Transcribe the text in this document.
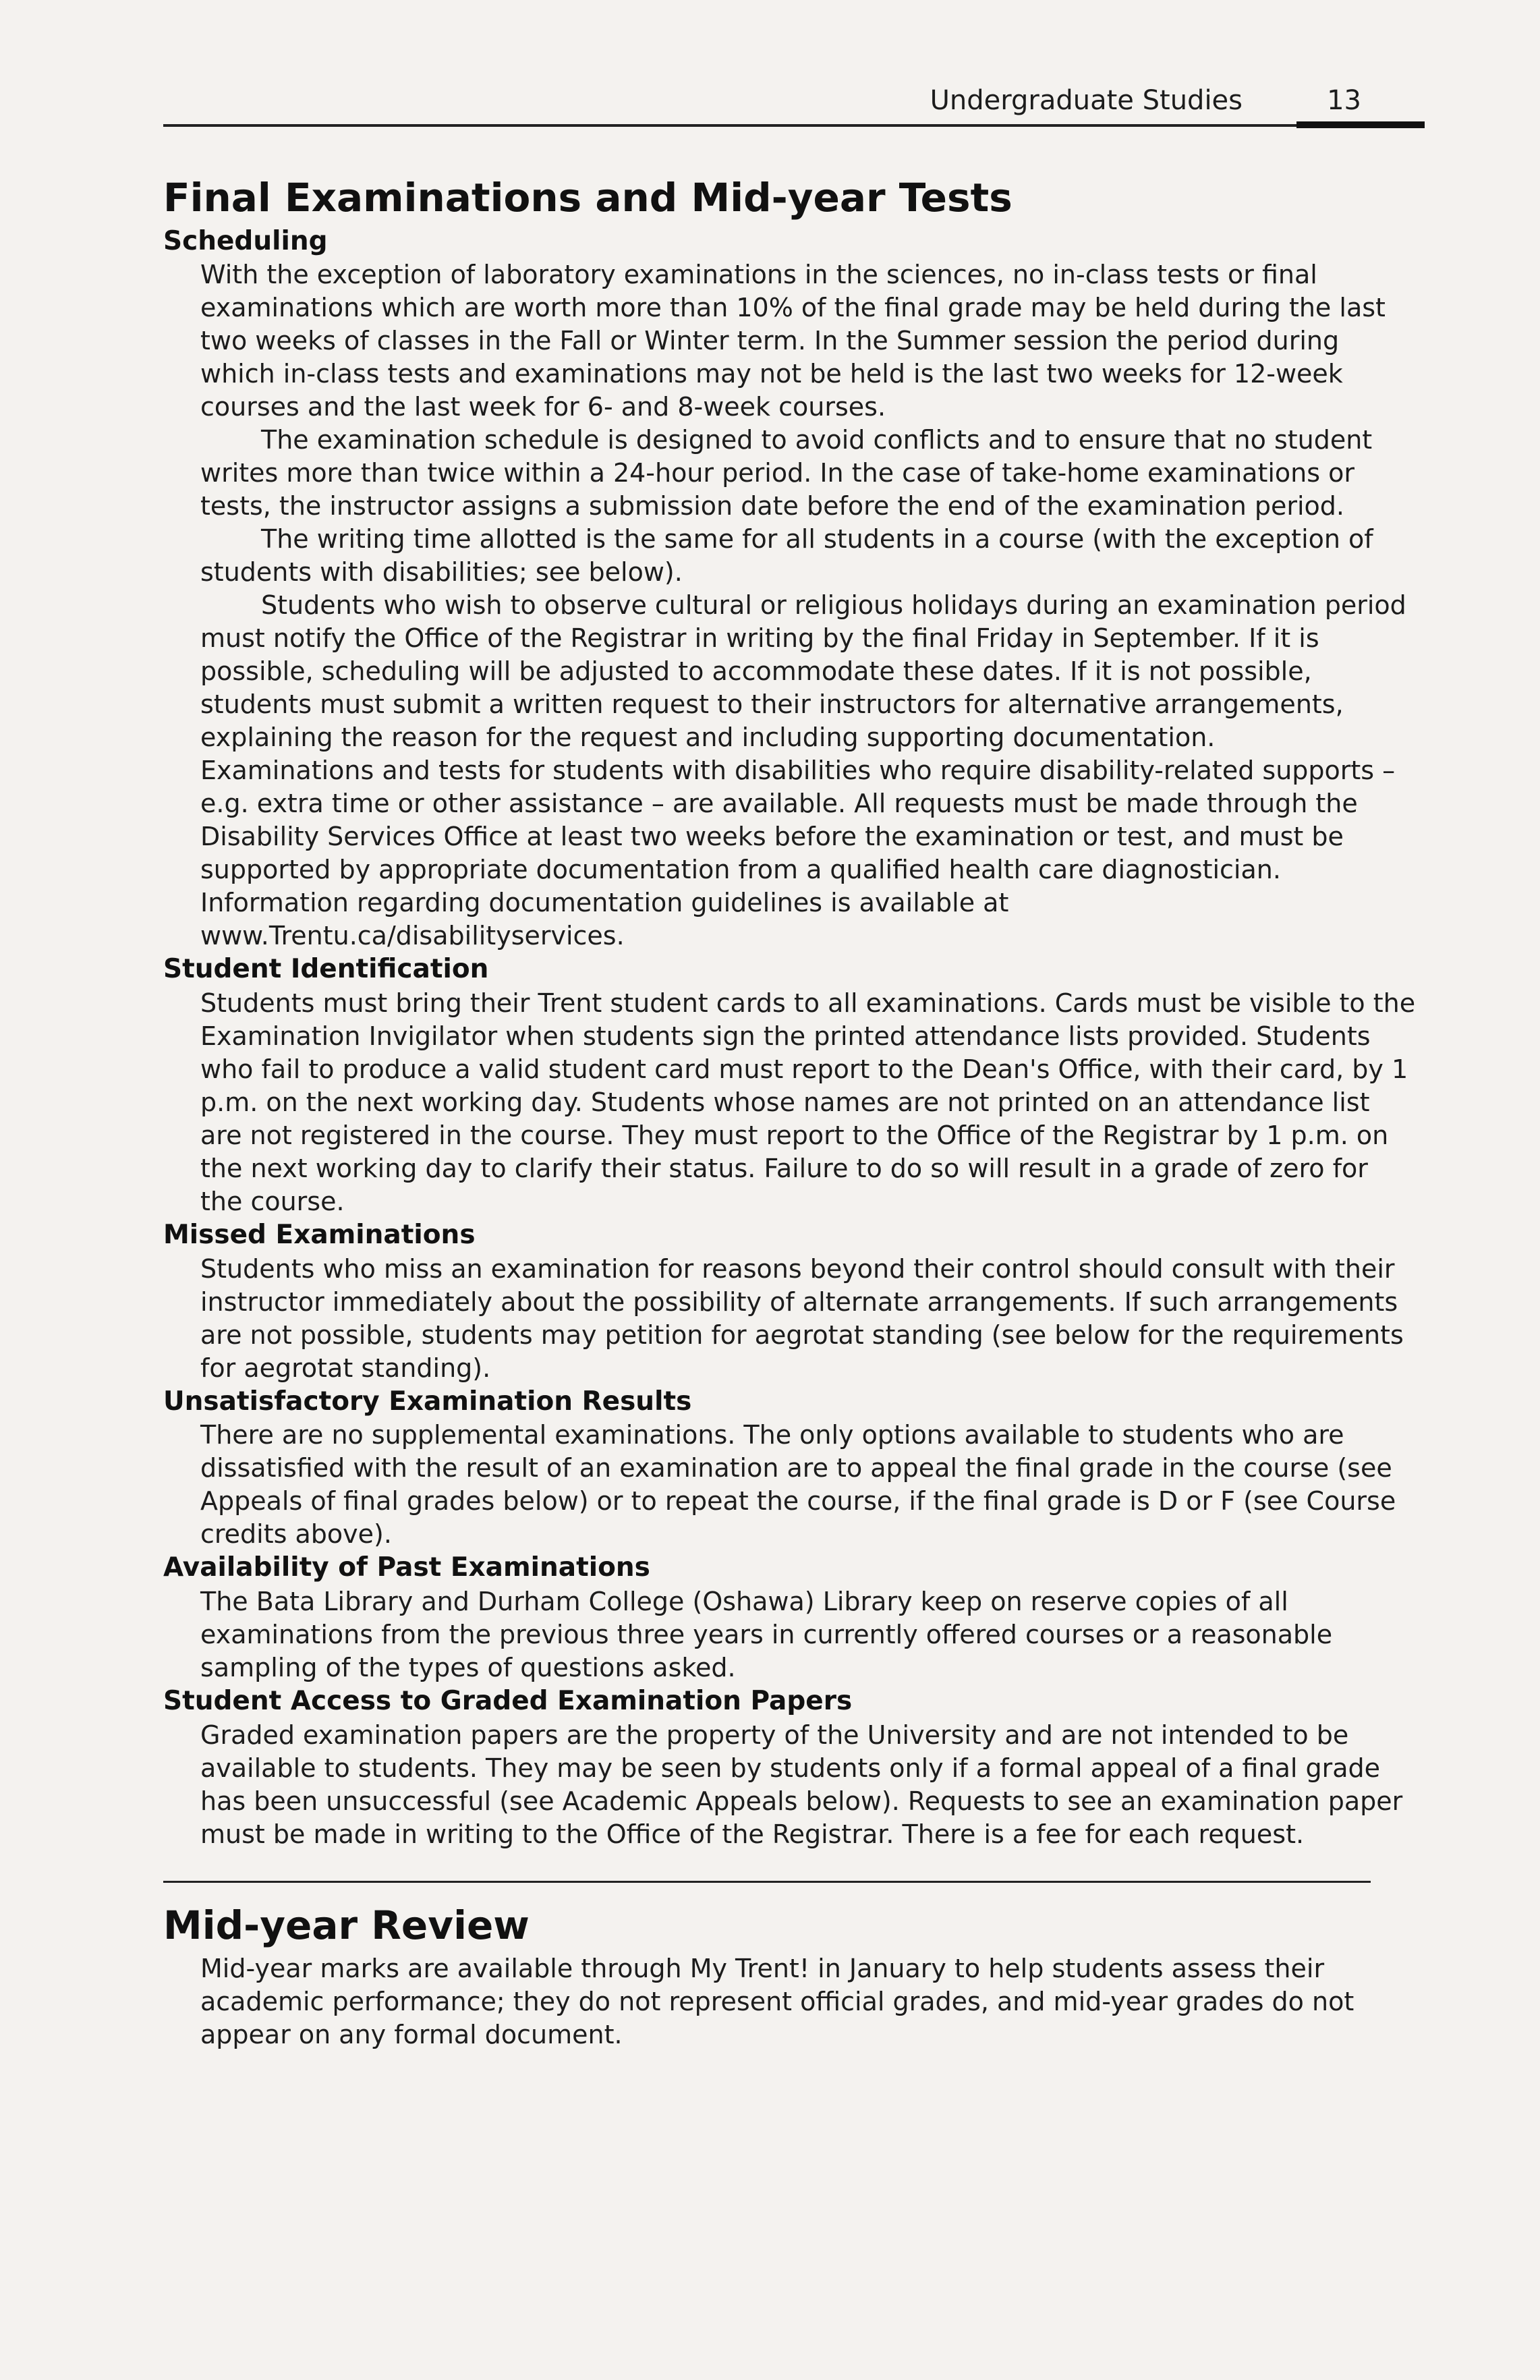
Undergraduate Studies	13
Final Examinations and Mid-year Tests
Scheduling

With the exception of laboratory examinations in the sciences, no in-class tests or final examinations which are worth more than 10% of the final grade may be held during the last two weeks of classes in the Fall or Winter term. In the Summer session the period during which in-class tests and examinations may not be held is the last two weeks for 12-week courses and the last week for 6- and 8-week courses.

The examination schedule is designed to avoid conflicts and to ensure that no student writes more than twice within a 24-hour period. In the case of take-home examinations or tests, the instructor assigns a submission date before the end of the examination period.

The writing time allotted is the same for all students in a course (with the exception of students with disabilities; see below).

Students who wish to observe cultural or religious holidays during an examination period must notify the Office of the Registrar in writing by the final Friday in September. If it is possible, scheduling will be adjusted to accommodate these dates. If it is not possible, students must submit a written request to their instructors for alternative arrangements, explaining the reason for the request and including supporting documentation.

Examinations and tests for students with disabilities who require disability-related supports – e.g. extra time or other assistance – are available. All requests must be made through the Disability Services Office at least two weeks before the examination or test, and must be supported by appropriate documentation from a qualified health care diagnostician. Information regarding documentation guidelines is available at www.Trentu.ca/disabilityservices.

Student Identification

Students must bring their Trent student cards to all examinations. Cards must be visible to the Examination Invigilator when students sign the printed attendance lists provided. Students who fail to produce a valid student card must report to the Dean's Office, with their card, by 1 p.m. on the next working day. Students whose names are not printed on an attendance list are not registered in the course. They must report to the Office of the Registrar by 1 p.m. on the next working day to clarify their status. Failure to do so will result in a grade of zero for the course.

Missed Examinations

Students who miss an examination for reasons beyond their control should consult with their instructor immediately about the possibility of alternate arrangements. If such arrangements are not possible, students may petition for aegrotat standing (see below for the requirements for aegrotat standing).

Unsatisfactory Examination Results

There are no supplemental examinations. The only options available to students who are dissatisfied with the result of an examination are to appeal the final grade in the course (see Appeals of final grades below) or to repeat the course, if the final grade is D or F (see Course credits above).

Availability of Past Examinations

The Bata Library and Durham College (Oshawa) Library keep on reserve copies of all examinations from the previous three years in currently offered courses or a reasonable sampling of the types of questions asked.

Student Access to Graded Examination Papers

Graded examination papers are the property of the University and are not intended to be available to students. They may be seen by students only if a formal appeal of a final grade has been unsuccessful (see Academic Appeals below). Requests to see an examination paper must be made in writing to the Office of the Registrar. There is a fee for each request.

Mid-year Review

Mid-year marks are available through My Trent! in January to help students assess their academic performance; they do not represent official grades, and mid-year grades do not appear on any formal document.
